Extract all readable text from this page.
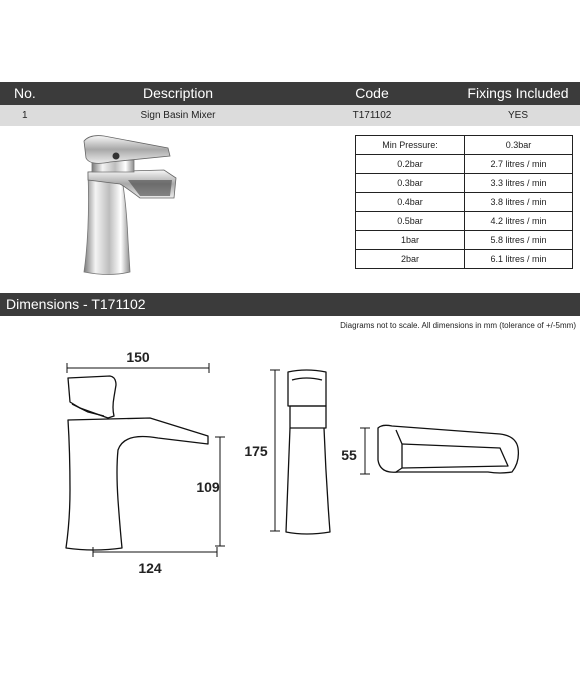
No.	Description	Code	Fixings Included
1	Sign Basin Mixer	T171102	YES
Min Pressure:	0.3bar
0.2bar	2.7 litres / min
0.3bar	3.3 litres / min
0.4bar	3.8 litres / min
0.5bar	4.2 litres / min
1bar	5.8 litres / min
2bar	6.1 litres / min
Dimensions - T171102
Diagrams not to scale. All dimensions in mm (tolerance of +/-5mm)
150
109
124
175	55
